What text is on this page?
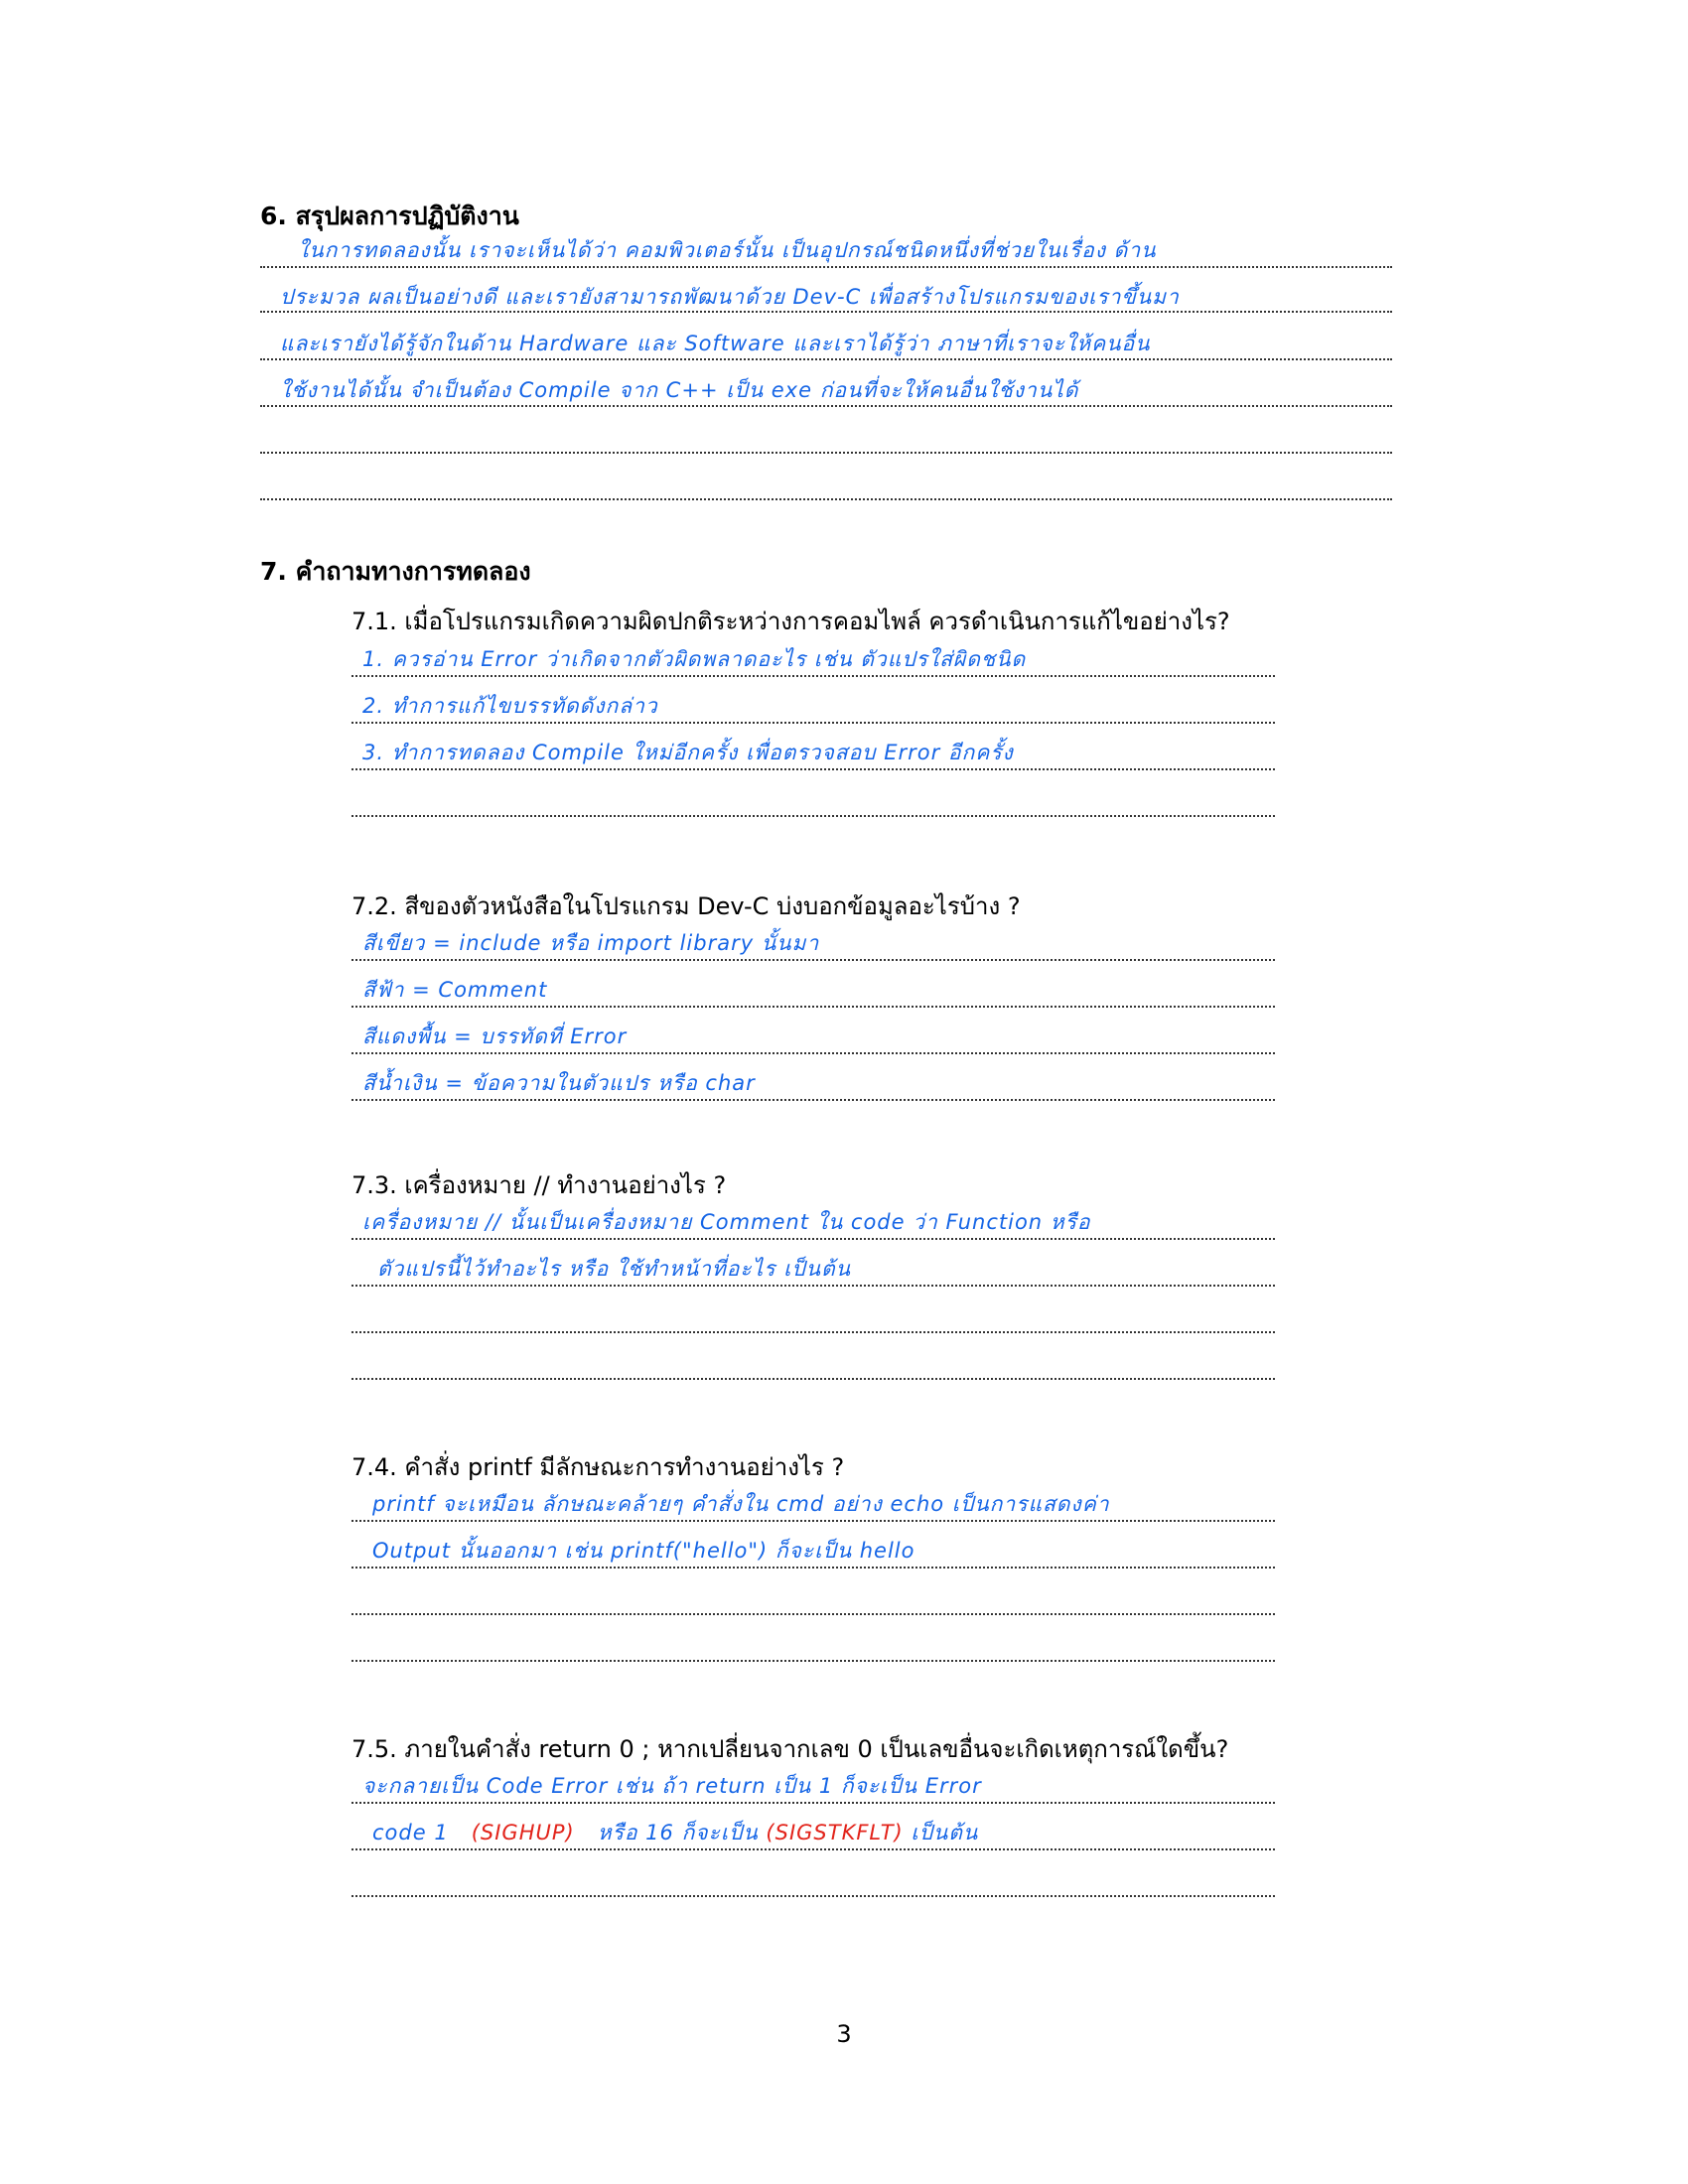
6. สรุปผลการปฏิบัติงาน
ในการทดลองนั้น เราจะเห็นได้ว่า คอมพิวเตอร์นั้น เป็นอุปกรณ์ชนิดหนึ่งที่ช่วยในเรื่อง ด้าน
ประมวล ผลเป็นอย่างดี และเรายังสามารถพัฒนาด้วย Dev-C เพื่อสร้างโปรแกรมของเราขึ้นมา
และเรายังได้รู้จักในด้าน Hardware และ Software และเราได้รู้ว่า ภาษาที่เราจะให้คนอื่น
ใช้งานได้นั้น จำเป็นต้อง Compile จาก C++ เป็น exe ก่อนที่จะให้คนอื่นใช้งานได้
7. คำถามทางการทดลอง
7.1. เมื่อโปรแกรมเกิดความผิดปกติระหว่างการคอมไพล์ ควรดำเนินการแก้ไขอย่างไร?
1. ควรอ่าน Error ว่าเกิดจากตัวผิดพลาดอะไร เช่น ตัวแปรใส่ผิดชนิด
2. ทำการแก้ไขบรรทัดดังกล่าว
3. ทำการทดลอง Compile ใหม่อีกครั้ง เพื่อตรวจสอบ Error อีกครั้ง
7.2. สีของตัวหนังสือในโปรแกรม Dev-C บ่งบอกข้อมูลอะไรบ้าง ?
สีเขียว = include หรือ import library นั้นมา
สีฟ้า = Comment
สีแดงพื้น = บรรทัดที่ Error
สีน้ำเงิน = ข้อความในตัวแปร หรือ char
7.3. เครื่องหมาย // ทำงานอย่างไร ?
เครื่องหมาย // นั้นเป็นเครื่องหมาย Comment ใน code ว่า Function หรือ
ตัวแปรนี้ไว้ทำอะไร หรือ ใช้ทำหน้าที่อะไร เป็นต้น
7.4. คำสั่ง printf มีลักษณะการทำงานอย่างไร ?
printf จะเหมือน ลักษณะคล้ายๆ คำสั่งใน cmd อย่าง echo เป็นการแสดงค่า
Output นั้นออกมา เช่น printf("hello") ก็จะเป็น hello
7.5. ภายในคำสั่ง return 0 ; หากเปลี่ยนจากเลข 0 เป็นเลขอื่นจะเกิดเหตุการณ์ใดขึ้น?
จะกลายเป็น Code Error เช่น ถ้า return เป็น 1 ก็จะเป็น Error
code 1 (SIGHUP) หรือ 16 ก็จะเป็น (SIGSTKFLT) เป็นต้น
3
